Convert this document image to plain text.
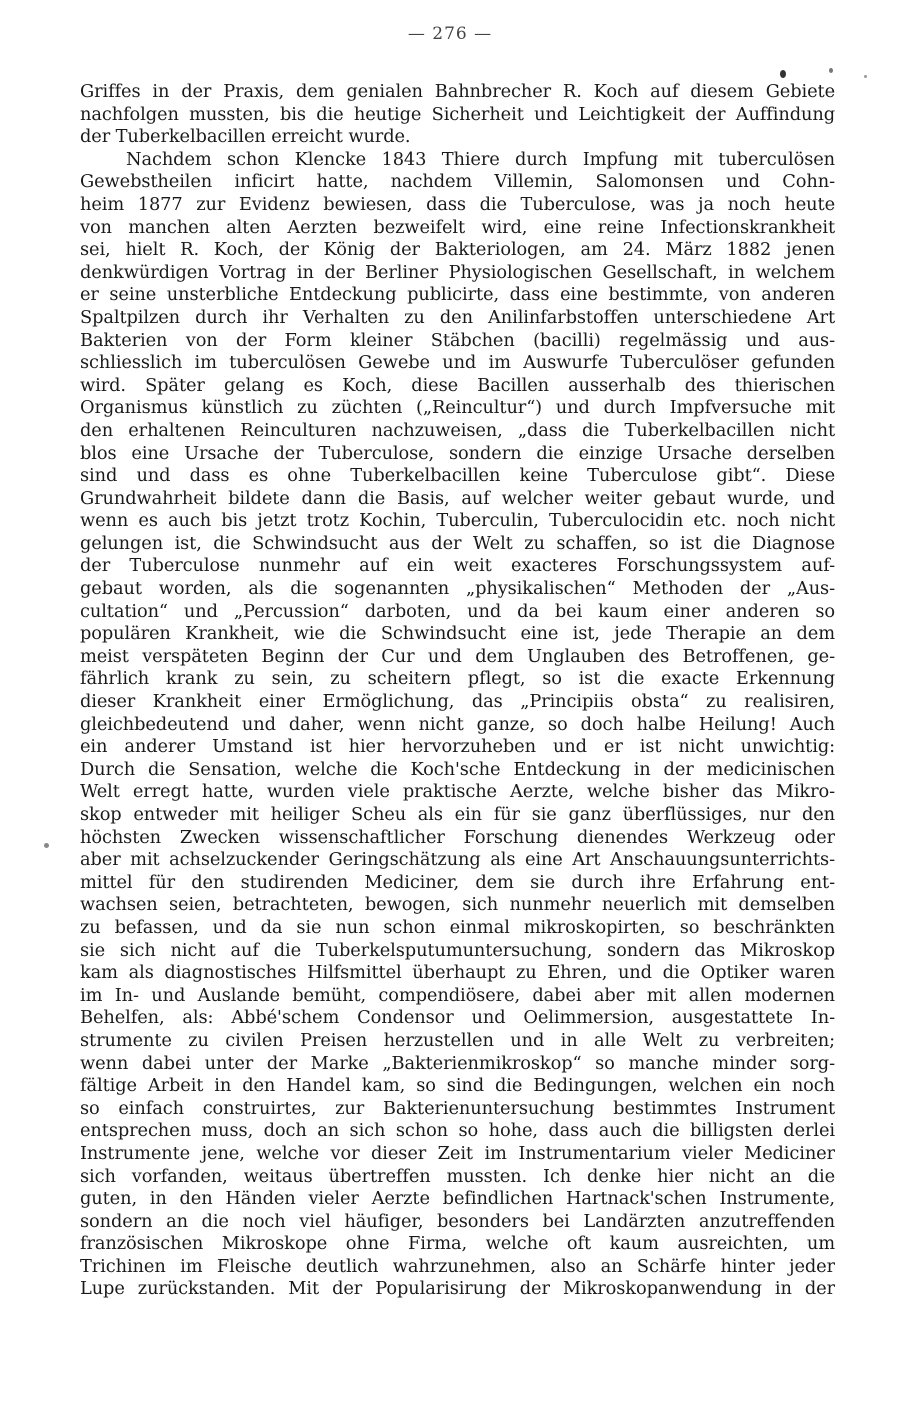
— 276 —
Griffes in der Praxis, dem genialen Bahnbrecher R. Koch auf diesem Gebiete
nachfolgen mussten, bis die heutige Sicherheit und Leichtigkeit der Auffindung
der Tuberkelbacillen erreicht wurde.
Nachdem schon Klencke 1843 Thiere durch Impfung mit tuberculösen
Gewebstheilen inficirt hatte, nachdem Villemin, Salomonsen und Cohn-
heim 1877 zur Evidenz bewiesen, dass die Tuberculose, was ja noch heute
von manchen alten Aerzten bezweifelt wird, eine reine Infectionskrankheit
sei, hielt R. Koch, der König der Bakteriologen, am 24. März 1882 jenen
denkwürdigen Vortrag in der Berliner Physiologischen Gesellschaft, in welchem
er seine unsterbliche Entdeckung publicirte, dass eine bestimmte, von anderen
Spaltpilzen durch ihr Verhalten zu den Anilinfarbstoffen unterschiedene Art
Bakterien von der Form kleiner Stäbchen (bacilli) regelmässig und aus-
schliesslich im tuberculösen Gewebe und im Auswurfe Tuberculöser gefunden
wird. Später gelang es Koch, diese Bacillen ausserhalb des thierischen
Organismus künstlich zu züchten („Reincultur“) und durch Impfversuche mit
den erhaltenen Reinculturen nachzuweisen, „dass die Tuberkelbacillen nicht
blos eine Ursache der Tuberculose, sondern die einzige Ursache derselben
sind und dass es ohne Tuberkelbacillen keine Tuberculose gibt“. Diese
Grundwahrheit bildete dann die Basis, auf welcher weiter gebaut wurde, und
wenn es auch bis jetzt trotz Kochin, Tuberculin, Tuberculocidin etc. noch nicht
gelungen ist, die Schwindsucht aus der Welt zu schaffen, so ist die Diagnose
der Tuberculose nunmehr auf ein weit exacteres Forschungssystem auf-
gebaut worden, als die sogenannten „physikalischen“ Methoden der „Aus-
cultation“ und „Percussion“ darboten, und da bei kaum einer anderen so
populären Krankheit, wie die Schwindsucht eine ist, jede Therapie an dem
meist verspäteten Beginn der Cur und dem Unglauben des Betroffenen, ge-
fährlich krank zu sein, zu scheitern pflegt, so ist die exacte Erkennung
dieser Krankheit einer Ermöglichung, das „Principiis obsta“ zu realisiren,
gleichbedeutend und daher, wenn nicht ganze, so doch halbe Heilung! Auch
ein anderer Umstand ist hier hervorzuheben und er ist nicht unwichtig:
Durch die Sensation, welche die Koch'sche Entdeckung in der medicinischen
Welt erregt hatte, wurden viele praktische Aerzte, welche bisher das Mikro-
skop entweder mit heiliger Scheu als ein für sie ganz überflüssiges, nur den
höchsten Zwecken wissenschaftlicher Forschung dienendes Werkzeug oder
aber mit achselzuckender Geringschätzung als eine Art Anschauungsunterrichts-
mittel für den studirenden Mediciner, dem sie durch ihre Erfahrung ent-
wachsen seien, betrachteten, bewogen, sich nunmehr neuerlich mit demselben
zu befassen, und da sie nun schon einmal mikroskopirten, so beschränkten
sie sich nicht auf die Tuberkelsputumuntersuchung, sondern das Mikroskop
kam als diagnostisches Hilfsmittel überhaupt zu Ehren, und die Optiker waren
im In- und Auslande bemüht, compendiösere, dabei aber mit allen modernen
Behelfen, als: Abbé'schem Condensor und Oelimmersion, ausgestattete In-
strumente zu civilen Preisen herzustellen und in alle Welt zu verbreiten;
wenn dabei unter der Marke „Bakterienmikroskop“ so manche minder sorg-
fältige Arbeit in den Handel kam, so sind die Bedingungen, welchen ein noch
so einfach construirtes, zur Bakterienuntersuchung bestimmtes Instrument
entsprechen muss, doch an sich schon so hohe, dass auch die billigsten derlei
Instrumente jene, welche vor dieser Zeit im Instrumentarium vieler Mediciner
sich vorfanden, weitaus übertreffen mussten. Ich denke hier nicht an die
guten, in den Händen vieler Aerzte befindlichen Hartnack'schen Instrumente,
sondern an die noch viel häufiger, besonders bei Landärzten anzutreffenden
französischen Mikroskope ohne Firma, welche oft kaum ausreichten, um
Trichinen im Fleische deutlich wahrzunehmen, also an Schärfe hinter jeder
Lupe zurückstanden. Mit der Popularisirung der Mikroskopanwendung in der
